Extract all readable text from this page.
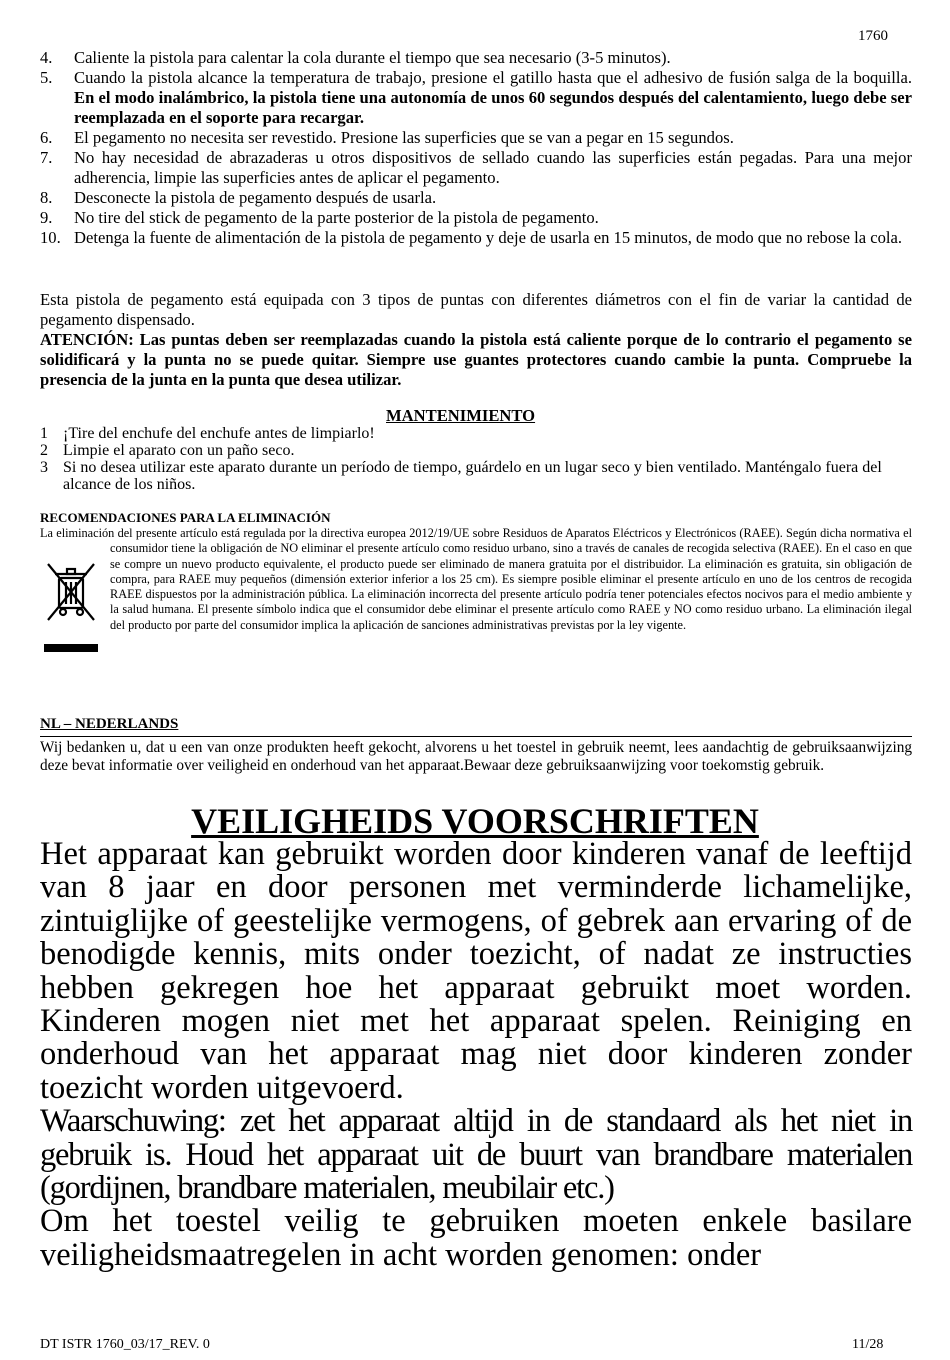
1760
4. Caliente la pistola para calentar la cola durante el tiempo que sea necesario (3-5 minutos).
5. Cuando la pistola alcance la temperatura de trabajo, presione el gatillo hasta que el adhesivo de fusión salga de la boquilla. En el modo inalámbrico, la pistola tiene una autonomía de unos 60 segundos después del calentamiento, luego debe ser reemplazada en el soporte para recargar.
6. El pegamento no necesita ser revestido. Presione las superficies que se van a pegar en 15 segundos.
7. No hay necesidad de abrazaderas u otros dispositivos de sellado cuando las superficies están pegadas. Para una mejor adherencia, limpie las superficies antes de aplicar el pegamento.
8. Desconecte la pistola de pegamento después de usarla.
9. No tire del stick de pegamento de la parte posterior de la pistola de pegamento.
10. Detenga la fuente de alimentación de la pistola de pegamento y deje de usarla en 15 minutos, de modo que no rebose la cola.
Esta pistola de pegamento está equipada con 3 tipos de puntas con diferentes diámetros con el fin de variar la cantidad de pegamento dispensado.
ATENCIÓN: Las puntas deben ser reemplazadas cuando la pistola está caliente porque de lo contrario el pegamento se solidificará y la punta no se puede quitar. Siempre use guantes protectores cuando cambie la punta. Compruebe la presencia de la junta en la punta que desea utilizar.
MANTENIMIENTO
1 ¡Tire del enchufe del enchufe antes de limpiarlo!
2 Limpie el aparato con un paño seco.
3 Si no desea utilizar este aparato durante un período de tiempo, guárdelo en un lugar seco y bien ventilado. Manténgalo fuera del alcance de los niños.
RECOMENDACIONES PARA LA ELIMINACIÓN
La eliminación del presente artículo está regulada por la directiva europea 2012/19/UE sobre Residuos de Aparatos Eléctricos y Electrónicos (RAEE). Según dicha normativa el consumidor tiene la obligación de NO eliminar el presente artículo como residuo urbano, sino a través de canales de recogida selectiva (RAEE). En el caso en que se compre un nuevo producto equivalente, el producto puede ser eliminado de manera gratuita por el distribuidor. La eliminación es gratuita, sin obligación de compra, para RAEE muy pequeños (dimensión exterior inferior a los 25 cm). Es siempre posible eliminar el presente artículo en uno de los centros de recogida RAEE dispuestos por la administración pública. La eliminación incorrecta del presente artículo podría tener potenciales efectos nocivos para el medio ambiente y la salud humana. El presente símbolo indica que el consumidor debe eliminar el presente artículo como RAEE y NO como residuo urbano. La eliminación ilegal del producto por parte del consumidor implica la aplicación de sanciones administrativas previstas por la ley vigente.
NL – NEDERLANDS
Wij bedanken u, dat u een van onze produkten heeft gekocht, alvorens u het toestel in gebruik neemt, lees aandachtig de gebruiksaanwijzing deze bevat informatie over veiligheid en onderhoud van het apparaat.Bewaar deze gebruiksaanwijzing voor toekomstig gebruik.
VEILIGHEIDS VOORSCHRIFTEN

Het apparaat kan gebruikt worden door kinderen vanaf de leeftijd van 8 jaar en door personen met verminderde lichamelijke, zintuiglijke of geestelijke vermogens, of gebrek aan ervaring of de benodigde kennis, mits onder toezicht, of nadat ze instructies hebben gekregen hoe het apparaat gebruikt moet worden. Kinderen mogen niet met het apparaat spelen. Reiniging en onderhoud van het apparaat mag niet door kinderen zonder toezicht worden uitgevoerd.

Waarschuwing: zet het apparaat altijd in de standaard als het niet in gebruik is. Houd het apparaat uit de buurt van brandbare materialen (gordijnen, brandbare materialen, meubilair etc.)

Om het toestel veilig te gebruiken moeten enkele basilare veiligheidsmaatregelen in acht worden genomen: onder

DT ISTR 1760_03/17_REV. 0	11/28
